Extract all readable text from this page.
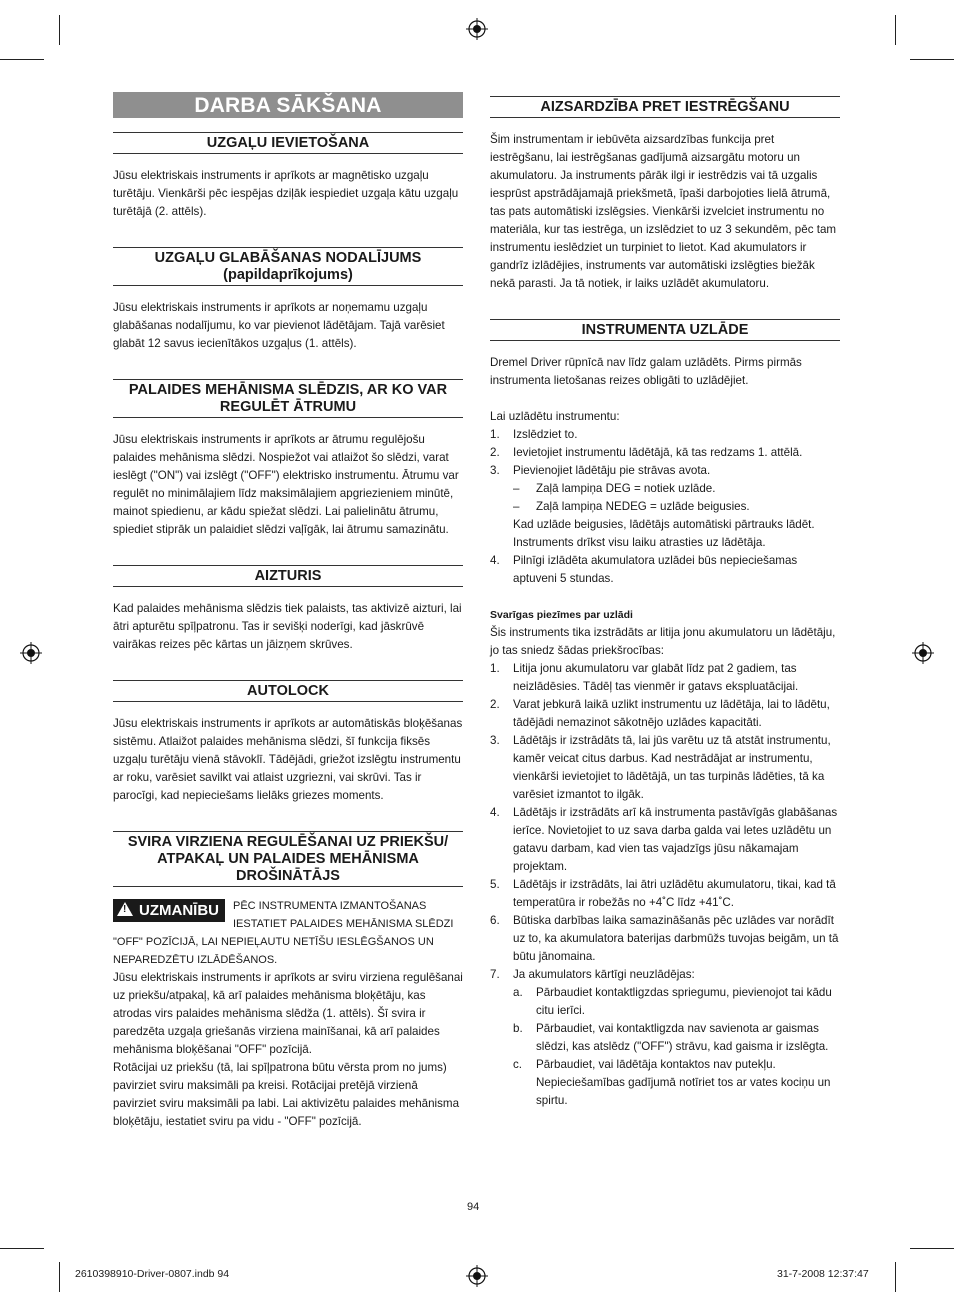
DARBA SĀKŠANA
UZGAĻU IEVIETOŠANA
Jūsu elektriskais instruments ir aprīkots ar magnētisko uzgaļu turētāju. Vienkārši pēc iespējas dziļāk iespiediet uzgaļa kātu uzgaļu turētājā (2. attēls).
UZGAĻU GLABĀŠANAS NODALĪJUMS
(papildaprīkojums)
Jūsu elektriskais instruments ir aprīkots ar noņemamu uzgaļu glabāšanas nodalījumu, ko var pievienot lādētājam. Tajā varēsiet glabāt 12 savus iecienītākos uzgaļus (1. attēls).
PALAIDES MEHĀNISMA SLĒDZIS, AR KO VAR
REGULĒT ĀTRUMU
Jūsu elektriskais instruments ir aprīkots ar ātrumu regulējošu palaides mehānisma slēdzi. Nospiežot vai atlaižot šo slēdzi, varat ieslēgt ("ON") vai izslēgt ("OFF") elektrisko instrumentu. Ātrumu var regulēt no minimālajiem līdz maksimālajiem apgriezieniem minūtē, mainot spiedienu, ar kādu spiežat slēdzi. Lai palielinātu ātrumu, spiediet stiprāk un palaidiet slēdzi vaļīgāk, lai ātrumu samazinātu.
AIZTURIS
Kad palaides mehānisma slēdzis tiek palaists, tas aktivizē aizturi, lai ātri apturētu spīļpatronu. Tas ir sevišķi noderīgi, kad jāskrūvē vairākas reizes pēc kārtas un jāizņem skrūves.
AUTOLOCK
Jūsu elektriskais instruments ir aprīkots ar automātiskās bloķēšanas sistēmu. Atlaižot palaides mehānisma slēdzi, šī funkcija fiksēs uzgaļu turētāju vienā stāvoklī. Tādējādi, griežot izslēgtu instrumentu ar roku, varēsiet savilkt vai atlaist uzgriezni, vai skrūvi. Tas ir parocīgi, kad nepieciešams lielāks griezes moments.
SVIRA VIRZIENA REGULĒŠANAI UZ PRIEKŠU/
ATPAKAĻ UN PALAIDES MEHĀNISMA
DROŠINĀTĀJS
! UZMANĪBU	PĒC INSTRUMENTA IZMANTOŠANAS IESTATIET PALAIDES MEHĀNISMA SLĒDZI "OFF" POZĪCIJĀ, LAI NEPIEĻAUTU NETĪŠU IESLĒGŠANOS UN NEPAREDZĒTU IZLĀDĒŠANOS.

Jūsu elektriskais instruments ir aprīkots ar sviru virziena regulēšanai uz priekšu/atpakaļ, kā arī palaides mehānisma bloķētāju, kas atrodas virs palaides mehānisma slēdža (1. attēls). Šī svira ir paredzēta uzgaļa griešanās virziena mainīšanai, kā arī palaides mehānisma bloķēšanai "OFF" pozīcijā.

Rotācijai uz priekšu (tā, lai spīļpatrona būtu vērsta prom no jums) pavirziet sviru maksimāli pa kreisi. Rotācijai pretējā virzienā pavirziet sviru maksimāli pa labi. Lai aktivizētu palaides mehānisma bloķētāju, iestatiet sviru pa vidu - "OFF" pozīcijā.

AIZSARDZĪBA PRET IESTRĒGŠANU
Šim instrumentam ir iebūvēta aizsardzības funkcija pret iestrēgšanu, lai iestrēgšanas gadījumā aizsargātu motoru un akumulatoru. Ja instruments pārāk ilgi ir iestrēdzis vai tā uzgalis iesprūst apstrādājamajā priekšmetā, īpaši darbojoties lielā ātrumā, tas pats automātiski izslēgsies. Vienkārši izvelciet instrumentu no materiāla, kur tas iestrēga, un izslēdziet to uz 3 sekundēm, pēc tam instrumentu ieslēdziet un turpiniet to lietot. Kad akumulators ir gandrīz izlādējies, instruments var automātiski izslēgties biežāk nekā parasti. Ja tā notiek, ir laiks uzlādēt akumulatoru.
INSTRUMENTA UZLĀDE

Dremel Driver rūpnīcā nav līdz galam uzlādēts. Pirms pirmās instrumenta lietošanas reizes obligāti to uzlādējiet.

Lai uzlādētu instrumentu:

1. Izslēdziet to.
2. Ievietojiet instrumentu lādētājā, kā tas redzams 1. attēlā.
3. Pievienojiet lādētāju pie strāvas avota.
– Zaļā lampiņa DEG = notiek uzlāde.
– Zaļā lampiņa NEDEG = uzlāde beigusies.
Kad uzlāde beigusies, lādētājs automātiski pārtrauks lādēt. Instruments drīkst visu laiku atrasties uz lādētāja.
4. Pilnīgi izlādēta akumulatora uzlādei būs nepieciešamas aptuveni 5 stundas.

Svarīgas piezīmes par uzlādi

Šis instruments tika izstrādāts ar litija jonu akumulatoru un lādētāju, jo tas sniedz šādas priekšrocības:

1. Litija jonu akumulatoru var glabāt līdz pat 2 gadiem, tas neizlādēsies. Tādēļ tas vienmēr ir gatavs ekspluatācijai.
2. Varat jebkurā laikā uzlikt instrumentu uz lādētāja, lai to lādētu, tādējādi nemazinot sākotnējo uzlādes kapacitāti.
3. Lādētājs ir izstrādāts tā, lai jūs varētu uz tā atstāt instrumentu, kamēr veicat citus darbus. Kad nestrādājat ar instrumentu, vienkārši ievietojiet to lādētājā, un tas turpinās lādēties, tā ka varēsiet izmantot to ilgāk.
4. Lādētājs ir izstrādāts arī kā instrumenta pastāvīgās glabāšanas ierīce. Novietojiet to uz sava darba galda vai letes uzlādētu un gatavu darbam, kad vien tas vajadzīgs jūsu nākamajam projektam.
5. Lādētājs ir izstrādāts, lai ātri uzlādētu akumulatoru, tikai, kad tā temperatūra ir robežās no +4˚C līdz +41˚C.
6. Būtiska darbības laika samazināšanās pēc uzlādes var norādīt uz to, ka akumulatora baterijas darbmūžs tuvojas beigām, un tā būtu jānomaina.
7. Ja akumulators kārtīgi neuzlādējas:
a. Pārbaudiet kontaktligzdas spriegumu, pievienojot tai kādu citu ierīci.
b. Pārbaudiet, vai kontaktligzda nav savienota ar gaismas slēdzi, kas atslēdz ("OFF") strāvu, kad gaisma ir izslēgta.
c. Pārbaudiet, vai lādētāja kontaktos nav putekļu. Nepieciešamības gadījumā notīriet tos ar vates kociņu un spirtu.
94
2610398910-Driver-0807.indb 94	31-7-2008 12:37:47
